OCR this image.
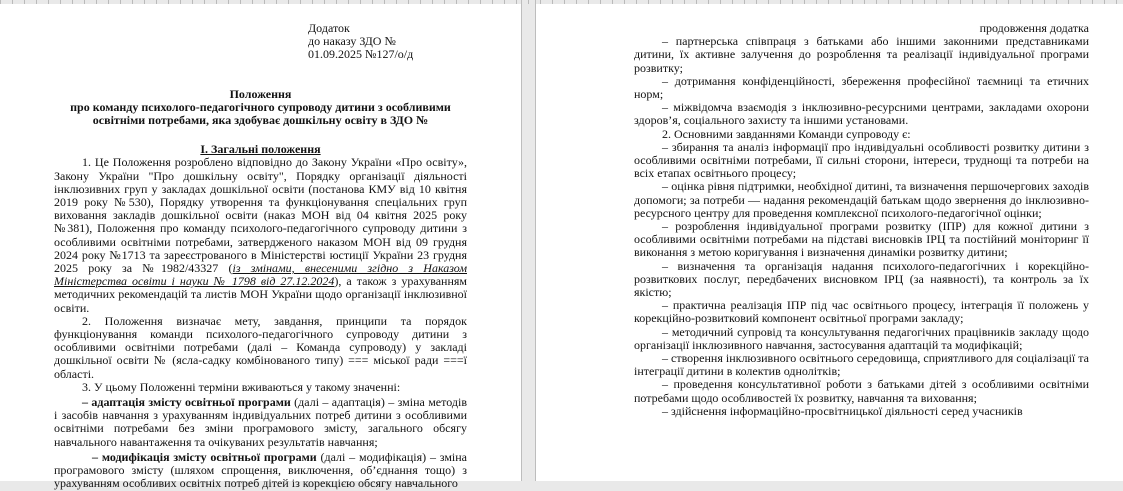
Додаток
до наказу ЗДО №
01.09.2025 №127/о/д
Положення
про команду психолого-педагогічного супроводу дитини з особливими
освітніми потребами, яка здобуває дошкільну освіту в ЗДО №
І. Загальні положення

1. Це Положення розроблено відповідно до Закону України «Про освіту», Закону України "Про дошкільну освіту", Порядку організації діяльності інклюзивних груп у закладах дошкільної освіти (постанова КМУ від 10 квітня 2019 року №530), Порядку утворення та функціонування спеціальних груп виховання закладів дошкільної освіти (наказ МОН від 04 квітня 2025 року №381), Положення про команду психолого-педагогічного супроводу дитини з особливими освітніми потребами, затвердженого наказом МОН від 09 грудня 2024 року №1713 та зареєстрованого в Міністерстві юстиції України 23 грудня 2025 року за №1982/43327 (із змінами, внесеними згідно з Наказом Міністерства освіти і науки № 1798 від 27.12.2024), а також з урахуванням методичних рекомендацій та листів МОН України щодо організації інклюзивної освіти.

2. Положення визначає мету, завдання, принципи та порядок функціонування команди психолого-педагогічного супроводу дитини з особливими освітніми потребами (далі – Команда супроводу) у закладі дошкільної освіти № (ясла-садку комбінованого типу) === міської ради ===ї області.

3. У цьому Положенні терміни вживаються у такому значенні:

– адаптація змісту освітньої програми (далі – адаптація) – зміна методів і засобів навчання з урахуванням індивідуальних потреб дитини з особливими освітніми потребами без зміни програмового змісту, загального обсягу навчального навантаження та очікуваних результатів навчання;

– модифікація змісту освітньої програми (далі – модифікація) – зміна програмового змісту (шляхом спрощення, виключення, об’єднання тощо) з урахуванням особливих освітніх потреб дітей із корекцією обсягу навчального

продовження додатка

– партнерська співпраця з батьками або іншими законними представниками дитини, їх активне залучення до розроблення та реалізації індивідуальної програми розвитку;

– дотримання конфіденційності, збереження професійної таємниці та етичних норм;

– міжвідомча взаємодія з інклюзивно-ресурсними центрами, закладами охорони здоров’я, соціального захисту та іншими установами.

2. Основними завданнями Команди супроводу є:

– збирання та аналіз інформації про індивідуальні особливості розвитку дитини з особливими освітніми потребами, її сильні сторони, інтереси, труднощі та потреби на всіх етапах освітнього процесу;

– оцінка рівня підтримки, необхідної дитині, та визначення першочергових заходів допомоги; за потреби — надання рекомендацій батькам щодо звернення до інклюзивно-ресурсного центру для проведення комплексної психолого-педагогічної оцінки;

– розроблення індивідуальної програми розвитку (ІПР) для кожної дитини з особливими освітніми потребами на підставі висновків ІРЦ та постійний моніторинг її виконання з метою коригування і визначення динаміки розвитку дитини;

– визначення та організація надання психолого-педагогічних і корекційно-розвиткових послуг, передбачених висновком ІРЦ (за наявності), та контроль за їх якістю;

– практична реалізація ІПР під час освітнього процесу, інтеграція її положень у корекційно-розвитковий компонент освітньої програми закладу;

– методичний супровід та консультування педагогічних працівників закладу щодо організації інклюзивного навчання, застосування адаптацій та модифікацій;

– створення інклюзивного освітнього середовища, сприятливого для соціалізації та інтеграції дитини в колектив однолітків;

– проведення консультативної роботи з батьками дітей з особливими освітніми потребами щодо особливостей їх розвитку, навчання та виховання;

– здійснення інформаційно-просвітницької діяльності серед учасників
